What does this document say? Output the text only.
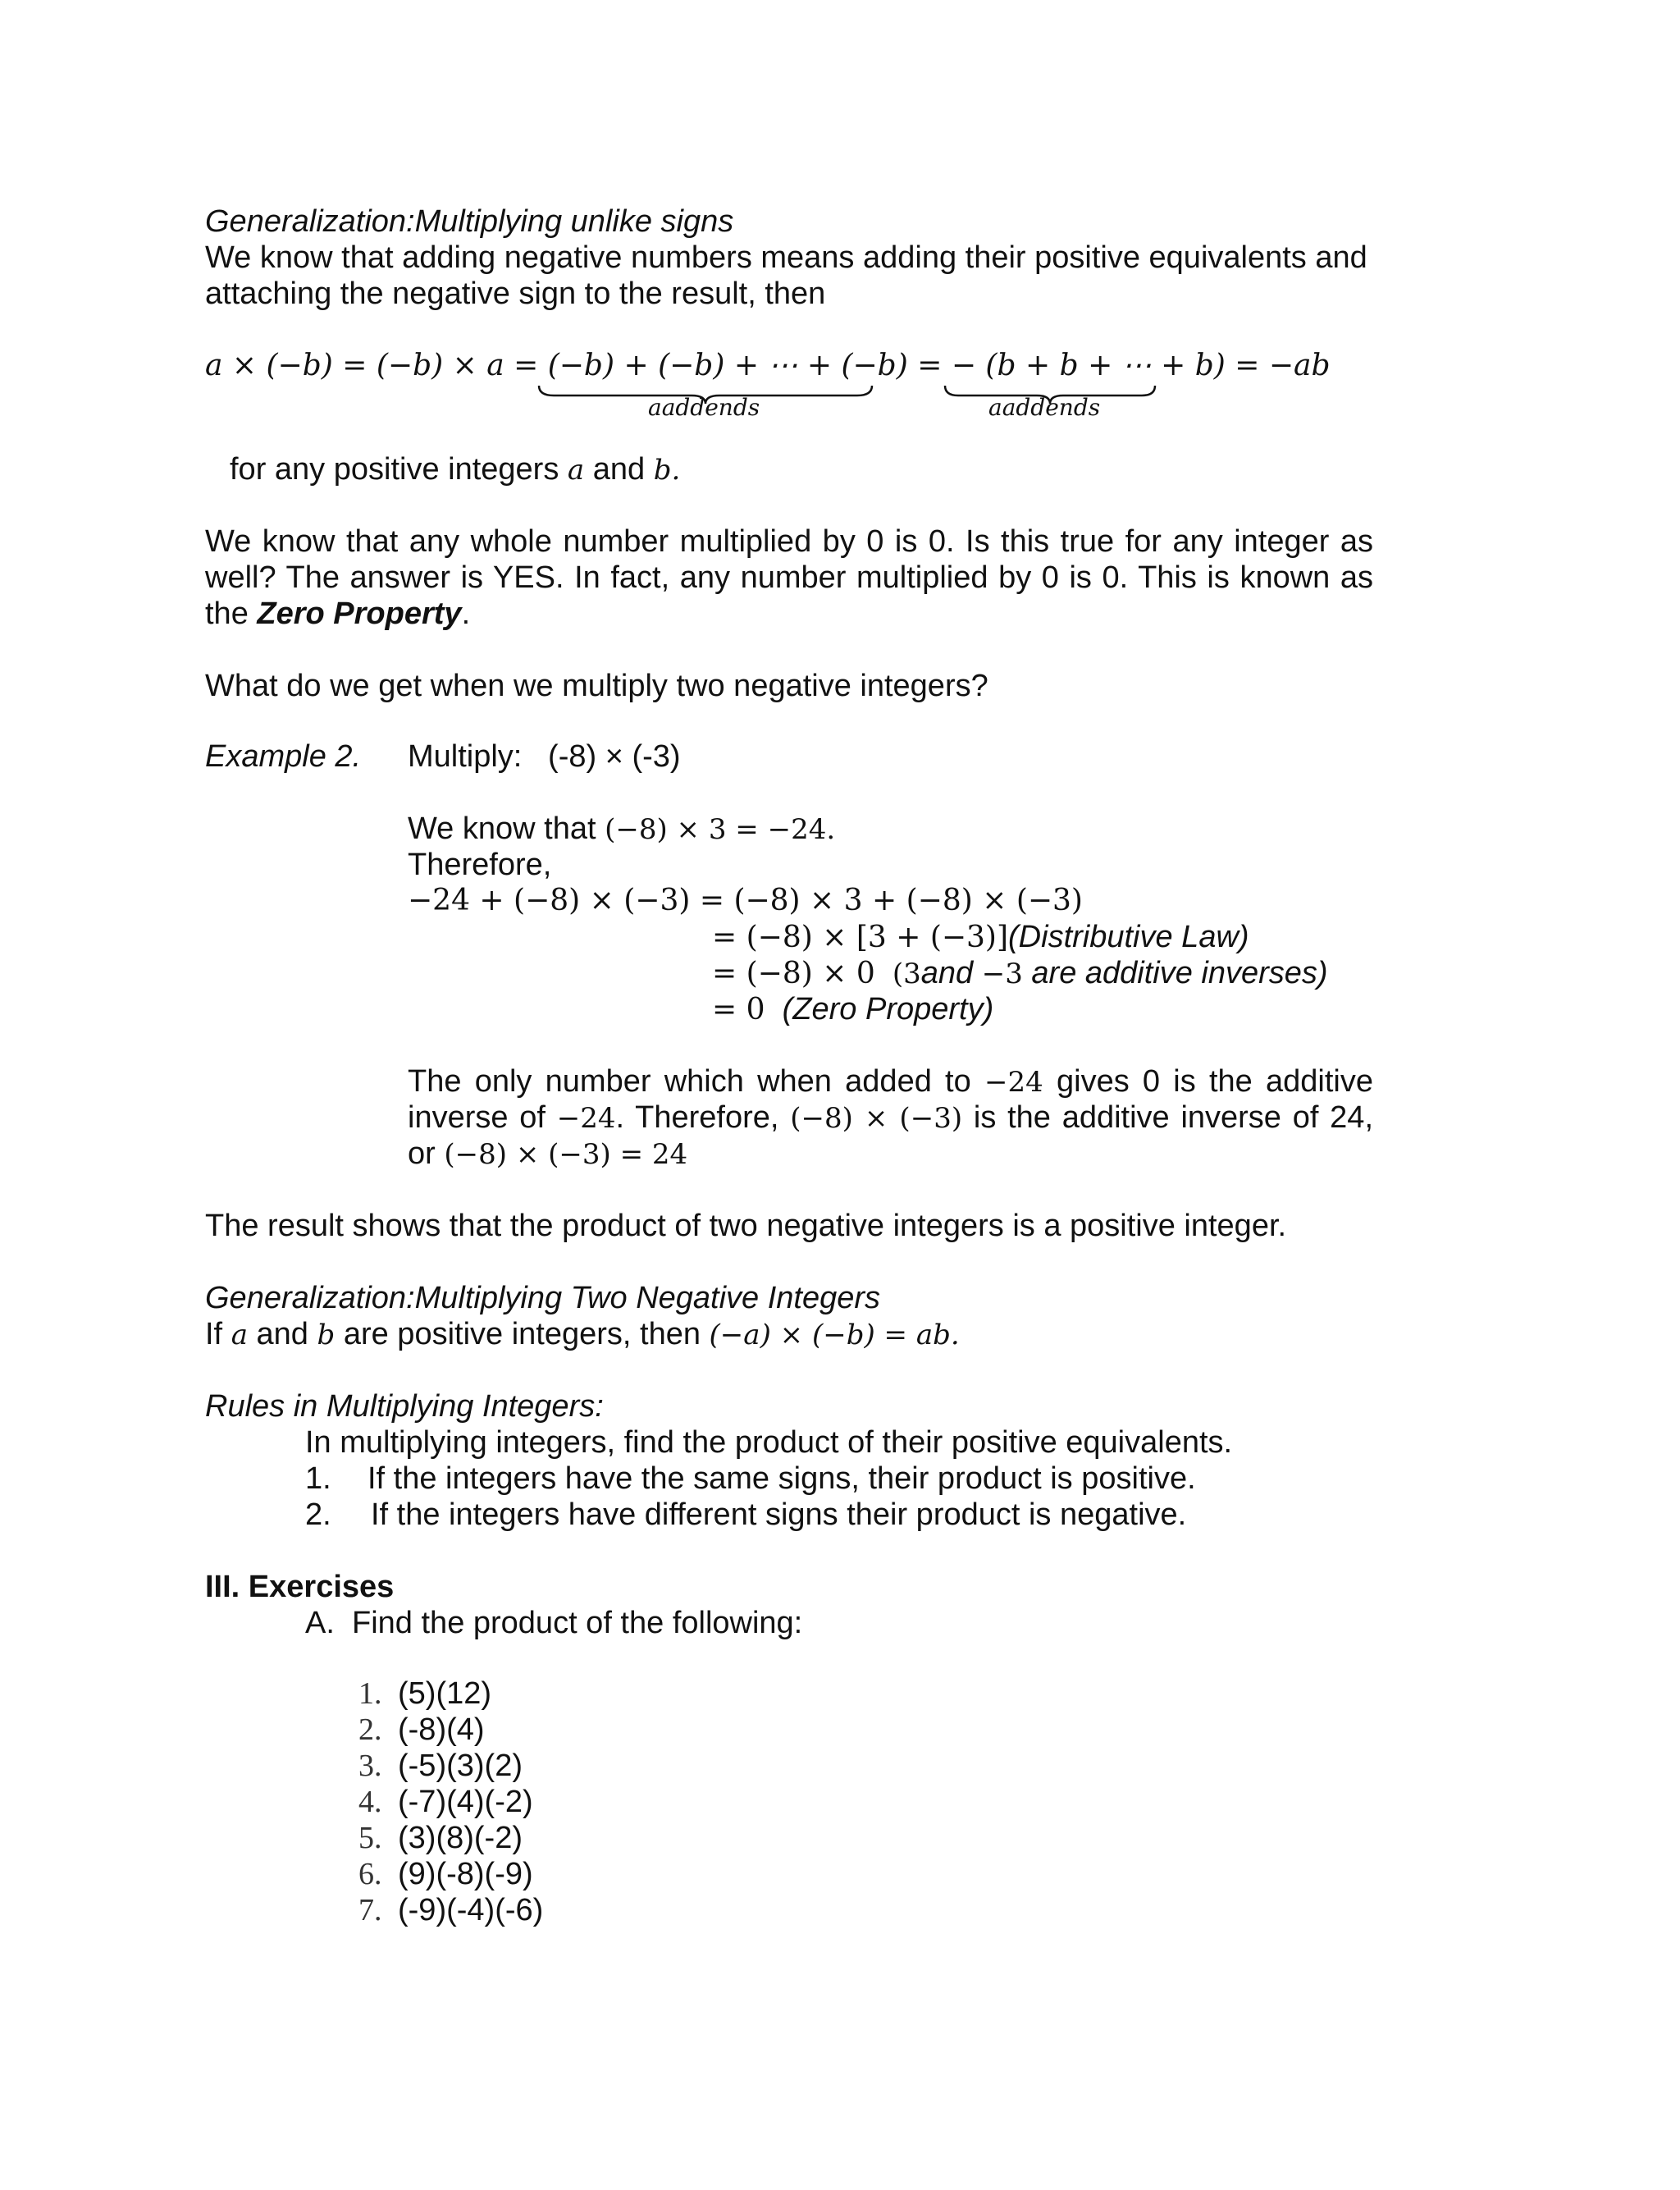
Generalization:Multiplying unlike signs
We know that adding negative numbers means adding their positive equivalents and
attaching the negative sign to the result, then
a × (−b) = (−b) × a = (−b) + (−b) + ⋯ + (−b) = − (b + b + ⋯ + b) = −ab
aaddends	aaddends
for any positive integers a and b.
We know that any whole number multiplied by 0 is 0. Is this true for any integer as
well? The answer is YES. In fact, any number multiplied by 0 is 0. This is known as
the Zero Property.
What do we get when we multiply two negative integers?
Example 2. Multiply:   (-8) × (-3)
We know that (−8) × 3 = −24.
Therefore,
−24 + (−8) × (−3) = (−8) × 3 + (−8) × (−3)
= (−8) × [3 + (−3)](Distributive Law)
= (−8) × 0 (3and −3 are additive inverses)
= 0 (Zero Property)
The only number which when added to −24 gives 0 is the additive
inverse of −24. Therefore, (−8) × (−3) is the additive inverse of 24,
or (−8) × (−3) = 24
The result shows that the product of two negative integers is a positive integer.
Generalization:Multiplying Two Negative Integers
If a and b are positive integers, then (−a) × (−b) = ab.
Rules in Multiplying Integers:
In multiplying integers, find the product of their positive equivalents.
1. If the integers have the same signs, their product is positive.
2. If the integers have different signs their product is negative.
III. Exercises
A.  Find the product of the following:
1. (5)(12)
2. (-8)(4)
3. (-5)(3)(2)
4. (-7)(4)(-2)
5. (3)(8)(-2)
6. (9)(-8)(-9)
7. (-9)(-4)(-6)
